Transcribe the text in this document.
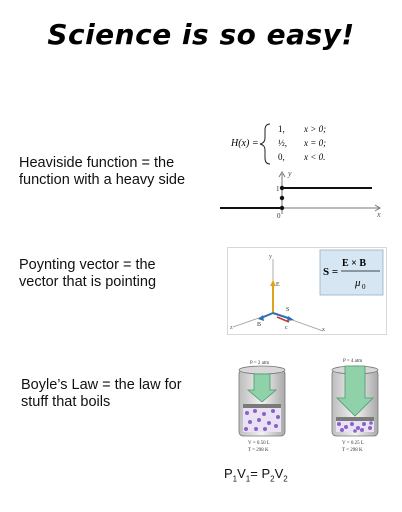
Science is so easy!
Heaviside function = the
function with a heavy side
H(x) =
1, x > 0;
½, x = 0;
0, x < 0.
y
x
1
0
Poynting vector = the
vector that is pointing
S =
E × B
μ 0
y
x
z
E
S
B	c
Boyle’s Law = the law for
stuff that boils
P = 2 atm
V = 0.50 L
T = 298 K
P = 4 atm
V = 0.25 L
T = 298 K
$P_1V_1= P_2V_2$
